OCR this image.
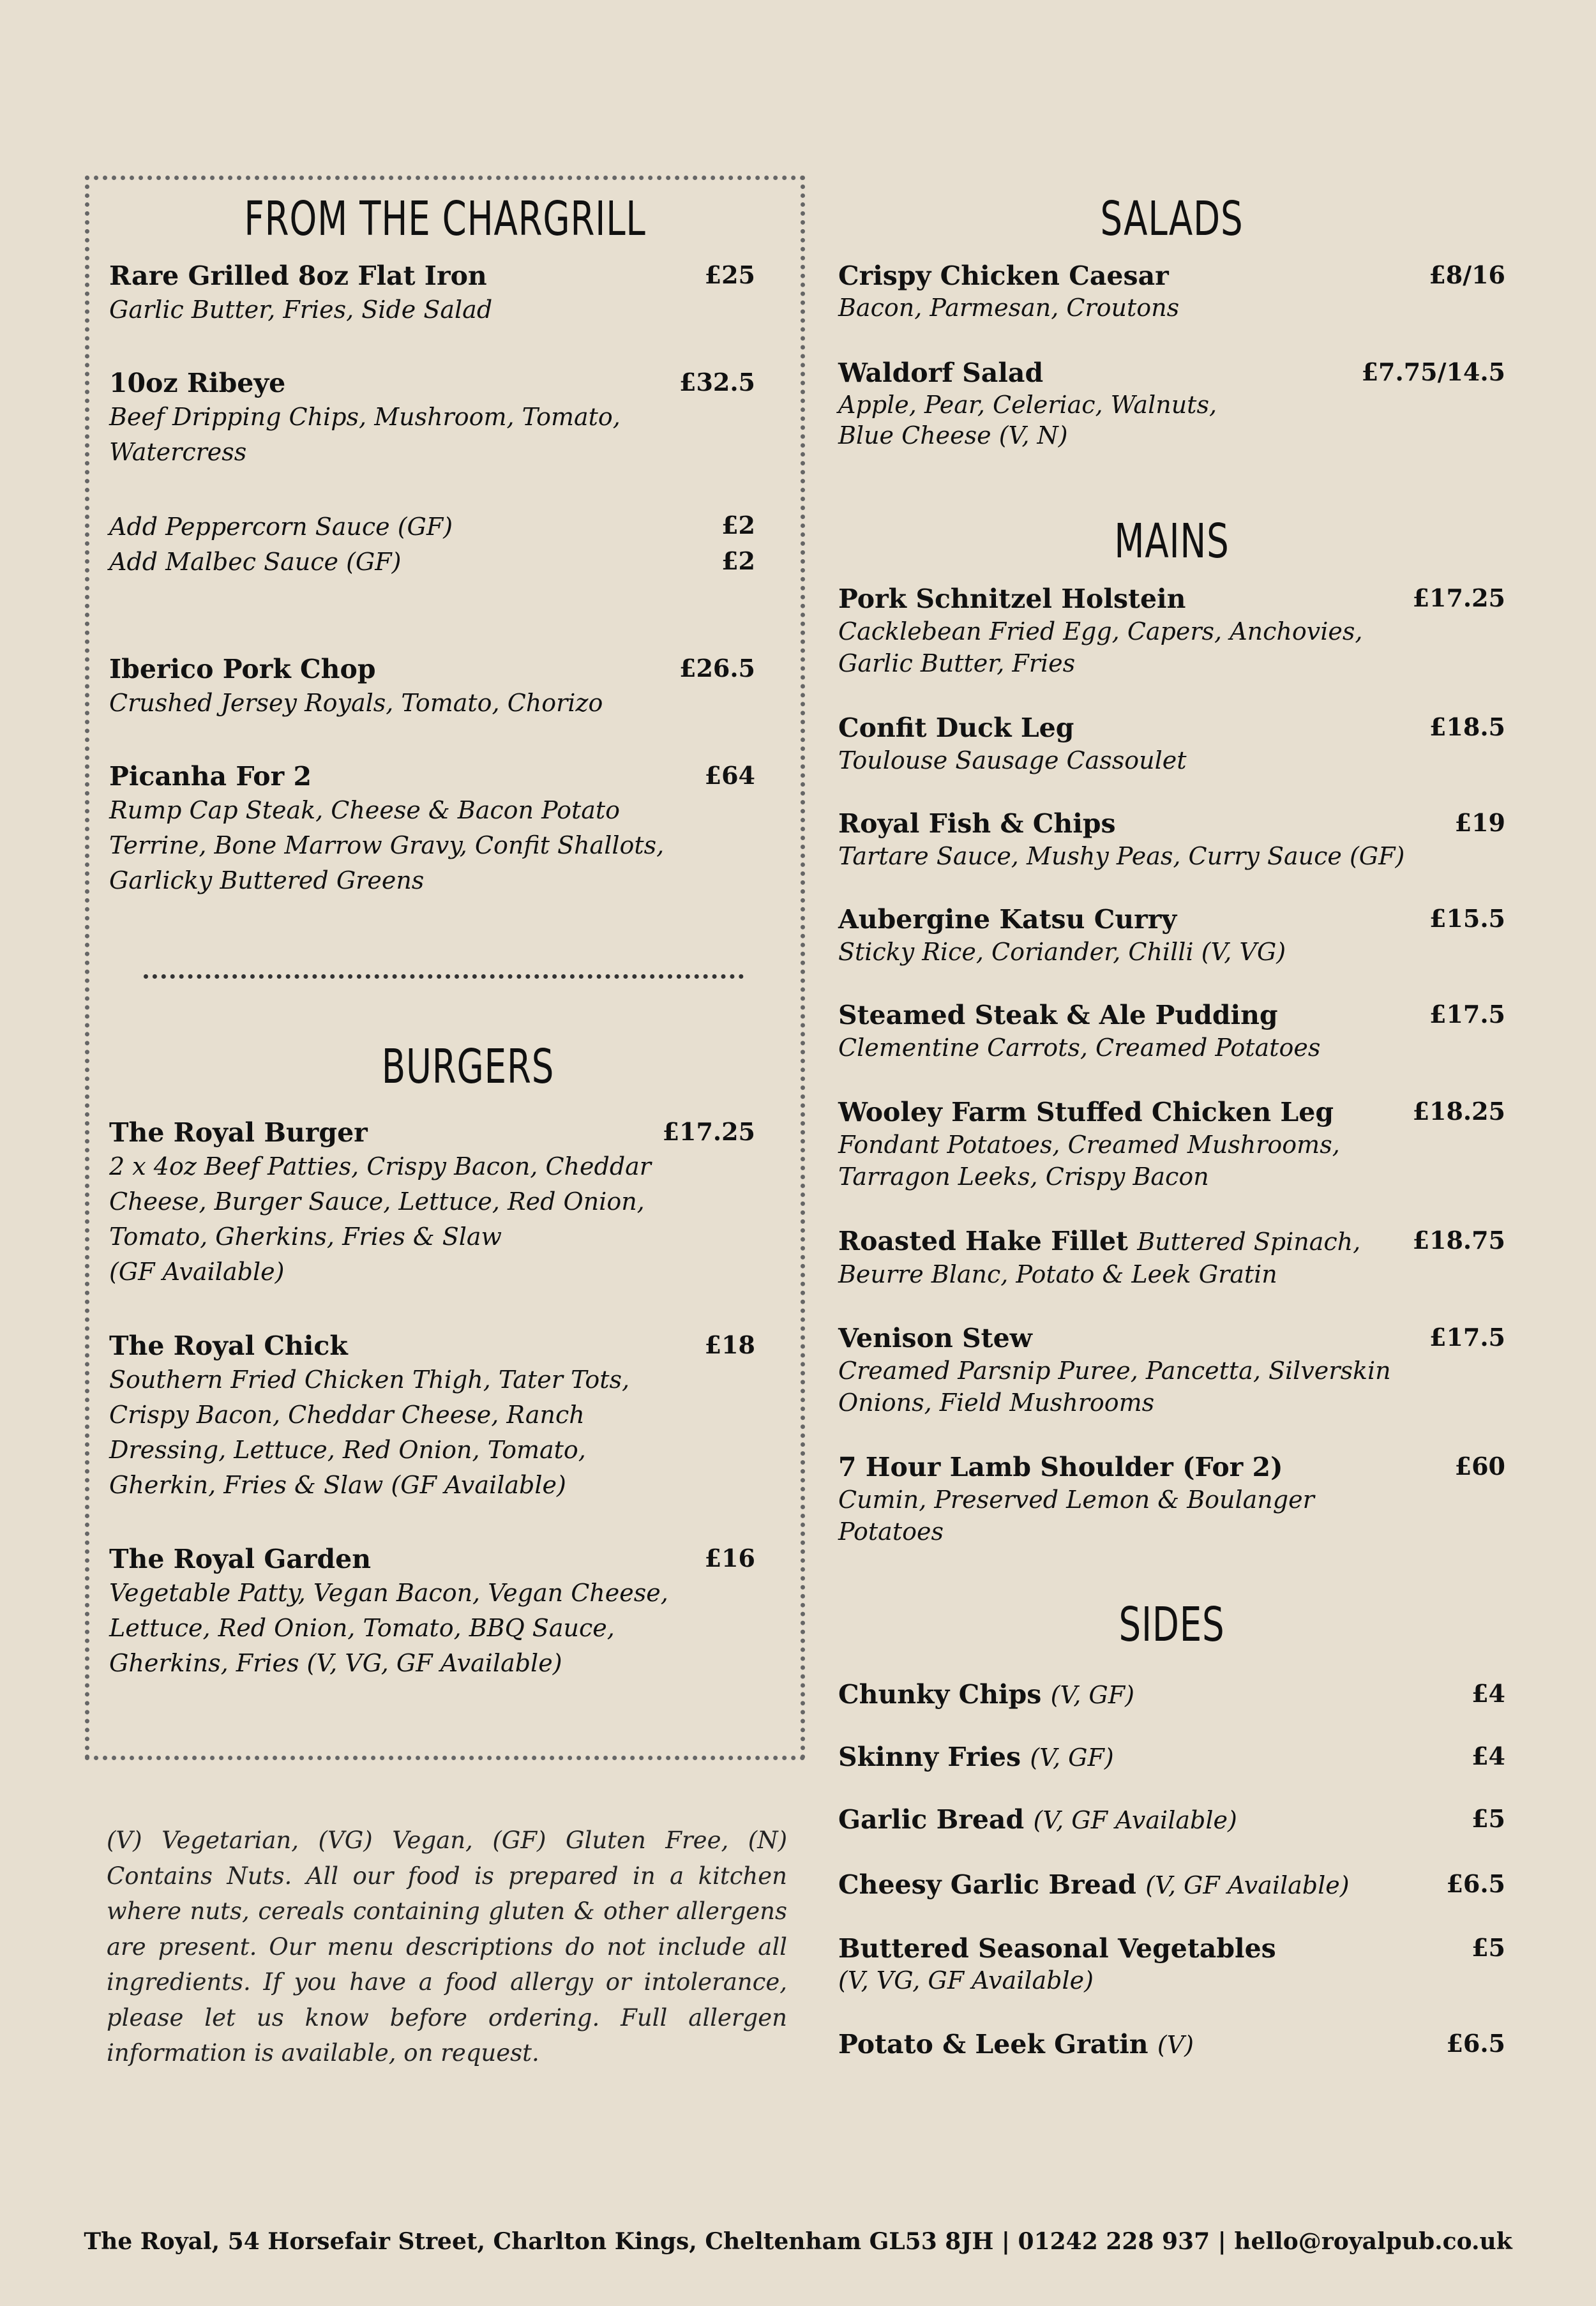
FROM THE CHARGRILL
Rare Grilled 8oz Flat Iron
Garlic Butter, Fries, Side Salad
£25
10oz Ribeye
Beef Dripping Chips, Mushroom, Tomato,
Watercress
£32.5
Add Peppercorn Sauce (GF)
Add Malbec Sauce (GF)
£2
£2
Iberico Pork Chop
Crushed Jersey Royals, Tomato, Chorizo
£26.5
Picanha For 2
Rump Cap Steak, Cheese & Bacon Potato
Terrine, Bone Marrow Gravy, Confit Shallots,
Garlicky Buttered Greens
£64
BURGERS
The Royal Burger
2 x 4oz Beef Patties, Crispy Bacon, Cheddar
Cheese, Burger Sauce, Lettuce, Red Onion,
Tomato, Gherkins, Fries & Slaw
(GF Available)
£17.25
The Royal Chick
Southern Fried Chicken Thigh, Tater Tots,
Crispy Bacon, Cheddar Cheese, Ranch
Dressing, Lettuce, Red Onion, Tomato,
Gherkin, Fries & Slaw (GF Available)
£18
The Royal Garden
Vegetable Patty, Vegan Bacon, Vegan Cheese,
Lettuce, Red Onion, Tomato, BBQ Sauce,
Gherkins, Fries (V, VG, GF Available)
£16
(V) Vegetarian, (VG) Vegan, (GF) Gluten Free, (N) Contains Nuts. All our food is prepared in a kitchen where nuts, cereals containing gluten & other allergens are present. Our menu descriptions do not include all ingredients. If you have a food allergy or intolerance, please let us know before ordering. Full allergen information is available, on request.
SALADS
Crispy Chicken Caesar
Bacon, Parmesan, Croutons
£8/16
Waldorf Salad
Apple, Pear, Celeriac, Walnuts,
Blue Cheese (V, N)
£7.75/14.5
MAINS
Pork Schnitzel Holstein
Cacklebean Fried Egg, Capers, Anchovies,
Garlic Butter, Fries
£17.25
Confit Duck Leg
Toulouse Sausage Cassoulet
£18.5
Royal Fish & Chips
Tartare Sauce, Mushy Peas, Curry Sauce (GF)
£19
Aubergine Katsu Curry
Sticky Rice, Coriander, Chilli (V, VG)
£15.5
Steamed Steak & Ale Pudding
Clementine Carrots, Creamed Potatoes
£17.5
Wooley Farm Stuffed Chicken Leg
Fondant Potatoes, Creamed Mushrooms,
Tarragon Leeks, Crispy Bacon
£18.25
Roasted Hake Fillet Buttered Spinach,
Beurre Blanc, Potato & Leek Gratin
£18.75
Venison Stew
Creamed Parsnip Puree, Pancetta, Silverskin
Onions, Field Mushrooms
£17.5
7 Hour Lamb Shoulder (For 2)
Cumin, Preserved Lemon & Boulanger
Potatoes
£60
SIDES
Chunky Chips (V, GF)	£4
Skinny Fries (V, GF)	£4
Garlic Bread (V, GF Available)	£5
Cheesy Garlic Bread (V, GF Available)	£6.5
Buttered Seasonal Vegetables
(V, VG, GF Available)
£5
Potato & Leek Gratin (V)	£6.5
The Royal, 54 Horsefair Street, Charlton Kings, Cheltenham GL53 8JH | 01242 228 937 | hello@royalpub.co.uk
